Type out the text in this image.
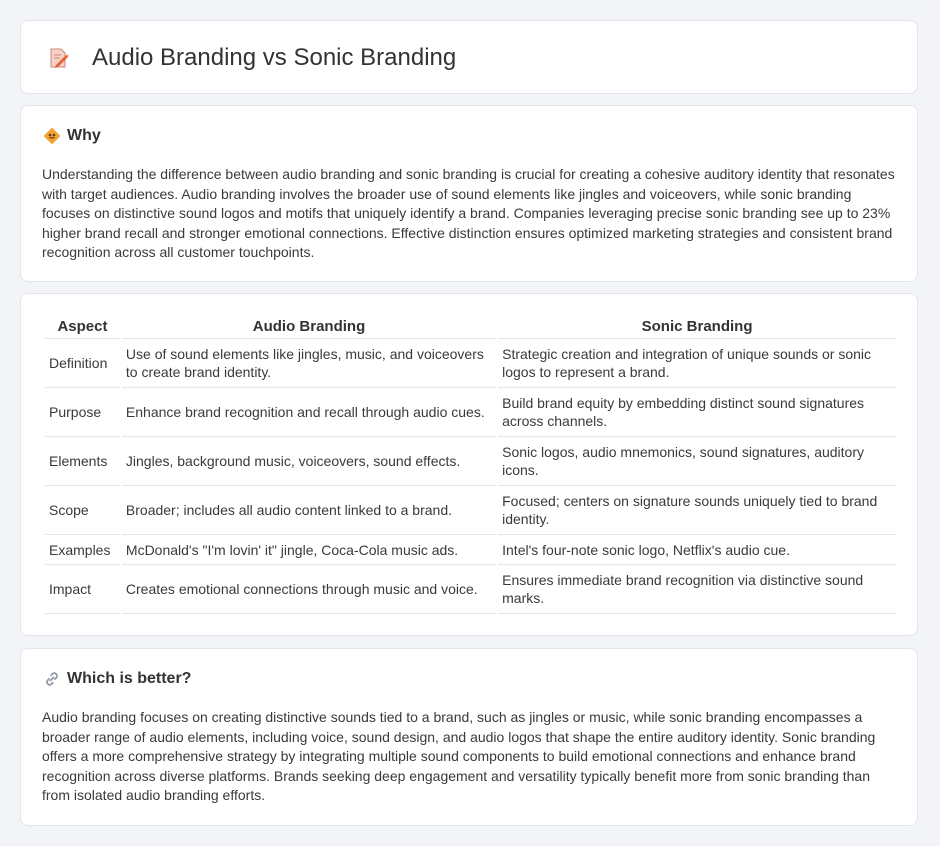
Audio Branding vs Sonic Branding
Why

Understanding the difference between audio branding and sonic branding is crucial for creating a cohesive auditory identity that resonates with target audiences. Audio branding involves the broader use of sound elements like jingles and voiceovers, while sonic branding focuses on distinctive sound logos and motifs that uniquely identify a brand. Companies leveraging precise sonic branding see up to 23% higher brand recall and stronger emotional connections. Effective distinction ensures optimized marketing strategies and consistent brand recognition across all customer touchpoints.

Aspect	Audio Branding	Sonic Branding
Definition	Use of sound elements like jingles, music, and voiceovers to create brand identity.	Strategic creation and integration of unique sounds or sonic logos to represent a brand.
Purpose	Enhance brand recognition and recall through audio cues.	Build brand equity by embedding distinct sound signatures across channels.
Elements	Jingles, background music, voiceovers, sound effects.	Sonic logos, audio mnemonics, sound signatures, auditory icons.
Scope	Broader; includes all audio content linked to a brand.	Focused; centers on signature sounds uniquely tied to brand identity.
Examples	McDonald's "I'm lovin' it" jingle, Coca-Cola music ads.	Intel's four-note sonic logo, Netflix's audio cue.
Impact	Creates emotional connections through music and voice.	Ensures immediate brand recognition via distinctive sound marks.
Which is better?

Audio branding focuses on creating distinctive sounds tied to a brand, such as jingles or music, while sonic branding encompasses a broader range of audio elements, including voice, sound design, and audio logos that shape the entire auditory identity. Sonic branding offers a more comprehensive strategy by integrating multiple sound components to build emotional connections and enhance brand recognition across diverse platforms. Brands seeking deep engagement and versatility typically benefit more from sonic branding than from isolated audio branding efforts.
